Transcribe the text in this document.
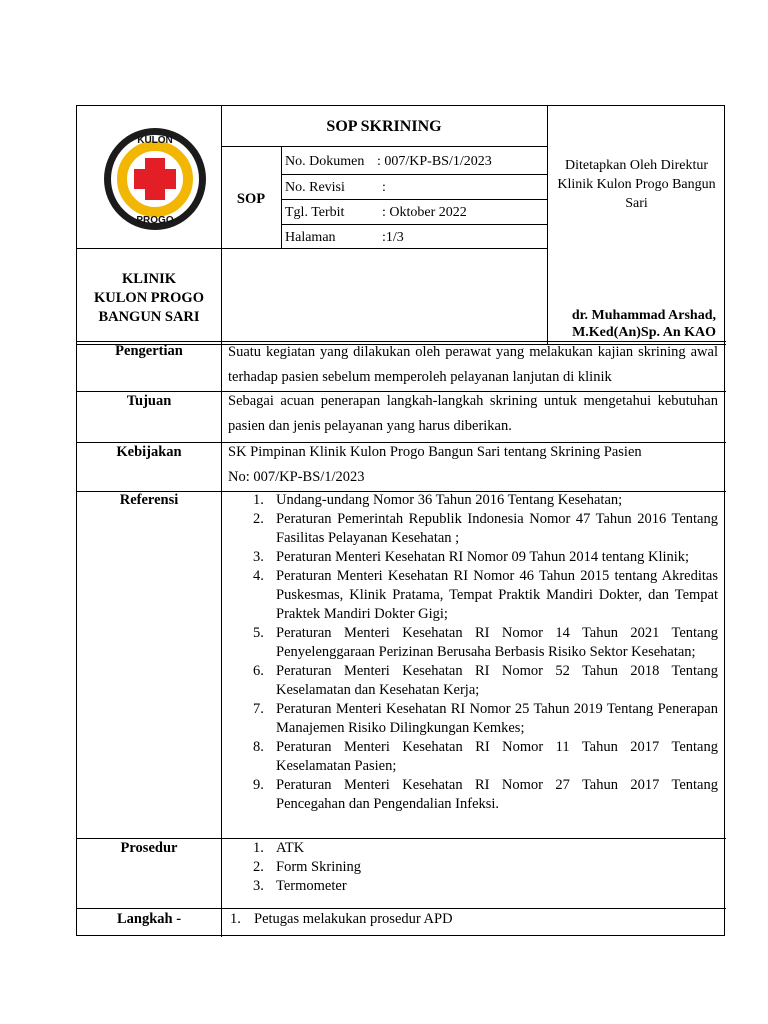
KULON
PROGO
SOP SKRINING
SOP
No. Dokumen : 007/KP-BS/1/2023
No. Revisi	:
Tgl. Terbit	: Oktober 2022
Halaman	:1/3
Ditetapkan Oleh Direktur Klinik Kulon Progo Bangun Sari
dr. Muhammad Arshad,
M.Ked(An)Sp. An KAO
KLINIK
KULON PROGO
BANGUN SARI
Pengertian	Suatu kegiatan yang dilakukan oleh perawat yang melakukan kajian skrining awal terhadap pasien sebelum memperoleh pelayanan lanjutan di klinik
Tujuan	Sebagai acuan penerapan langkah-langkah skrining untuk mengetahui kebutuhan pasien dan jenis pelayanan yang harus diberikan.
Kebijakan	SK Pimpinan Klinik Kulon Progo Bangun Sari tentang Skrining Pasien
No: 007/KP-BS/1/2023
Referensi	1. Undang-undang Nomor 36 Tahun 2016 Tentang Kesehatan;
2. Peraturan Pemerintah Republik Indonesia Nomor 47 Tahun 2016 Tentang Fasilitas Pelayanan Kesehatan ;
3. Peraturan Menteri Kesehatan RI Nomor 09 Tahun 2014 tentang Klinik;
4. Peraturan Menteri Kesehatan RI Nomor 46 Tahun 2015 tentang Akreditas Puskesmas, Klinik Pratama, Tempat Praktik Mandiri Dokter, dan Tempat Praktek Mandiri Dokter Gigi;
5. Peraturan Menteri Kesehatan RI Nomor 14 Tahun 2021 Tentang Penyelenggaraan Perizinan Berusaha Berbasis Risiko Sektor Kesehatan;
6. Peraturan Menteri Kesehatan RI Nomor 52 Tahun 2018 Tentang Keselamatan dan Kesehatan Kerja;
7. Peraturan Menteri Kesehatan RI Nomor 25 Tahun 2019 Tentang Penerapan Manajemen Risiko Dilingkungan Kemkes;
8. Peraturan Menteri Kesehatan RI Nomor 11 Tahun 2017 Tentang Keselamatan Pasien;
9. Peraturan Menteri Kesehatan RI Nomor 27 Tahun 2017 Tentang Pencegahan dan Pengendalian Infeksi.
Prosedur	1. ATK
2. Form Skrining
3. Termometer
Langkah -	1. Petugas melakukan prosedur APD
